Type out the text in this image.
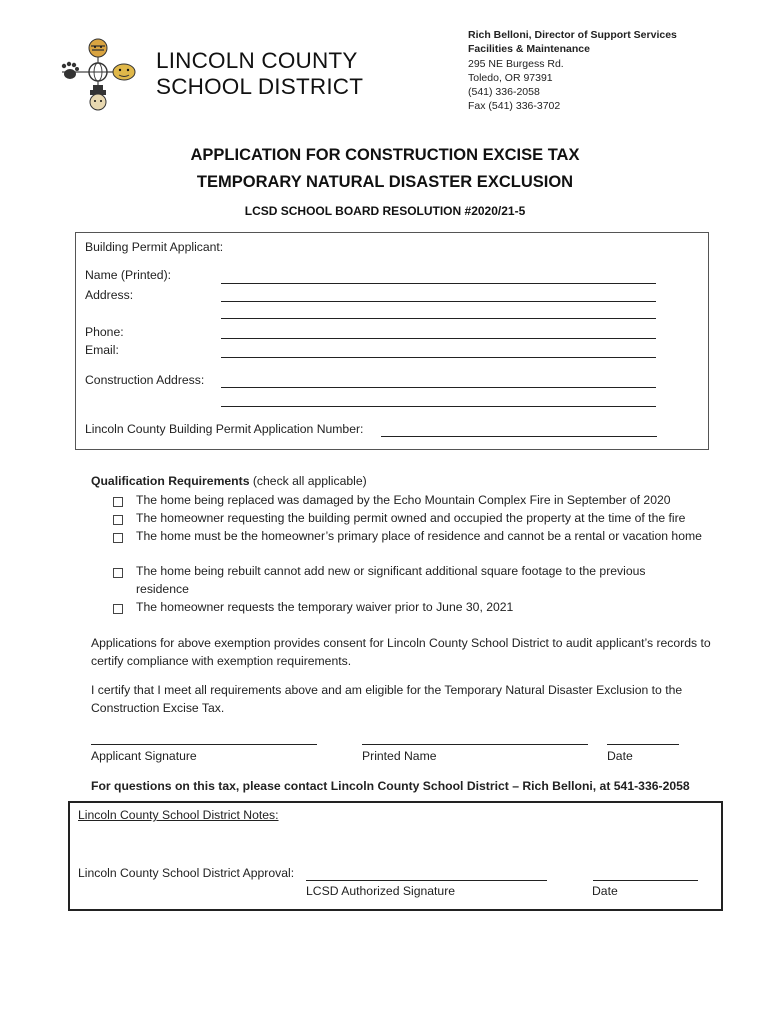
LINCOLN COUNTY
SCHOOL DISTRICT
Rich Belloni, Director of Support Services
Facilities & Maintenance
295 NE Burgess Rd.
Toledo, OR 97391
(541) 336-2058
Fax (541) 336-3702
APPLICATION FOR CONSTRUCTION EXCISE TAX
TEMPORARY NATURAL DISASTER EXCLUSION
LCSD SCHOOL BOARD RESOLUTION #2020/21-5
Building Permit Applicant:
Name (Printed):
Address:
Phone:
Email:
Construction Address:
Lincoln County Building Permit Application Number:
Qualification Requirements (check all applicable)
The home being replaced was damaged by the Echo Mountain Complex Fire in September of 2020
The homeowner requesting the building permit owned and occupied the property at the time of the fire
The home must be the homeowner’s primary place of residence and cannot be a rental or vacation home
The home being rebuilt cannot add new or significant additional square footage to the previous residence
The homeowner requests the temporary waiver prior to June 30, 2021
Applications for above exemption provides consent for Lincoln County School District to audit applicant’s records to certify compliance with exemption requirements.
I certify that I meet all requirements above and am eligible for the Temporary Natural Disaster Exclusion to the Construction Excise Tax.
Applicant Signature	Printed Name	Date
For questions on this tax, please contact Lincoln County School District – Rich Belloni, at 541-336-2058
Lincoln County School District Notes:
Lincoln County School District Approval:
LCSD Authorized Signature	Date
